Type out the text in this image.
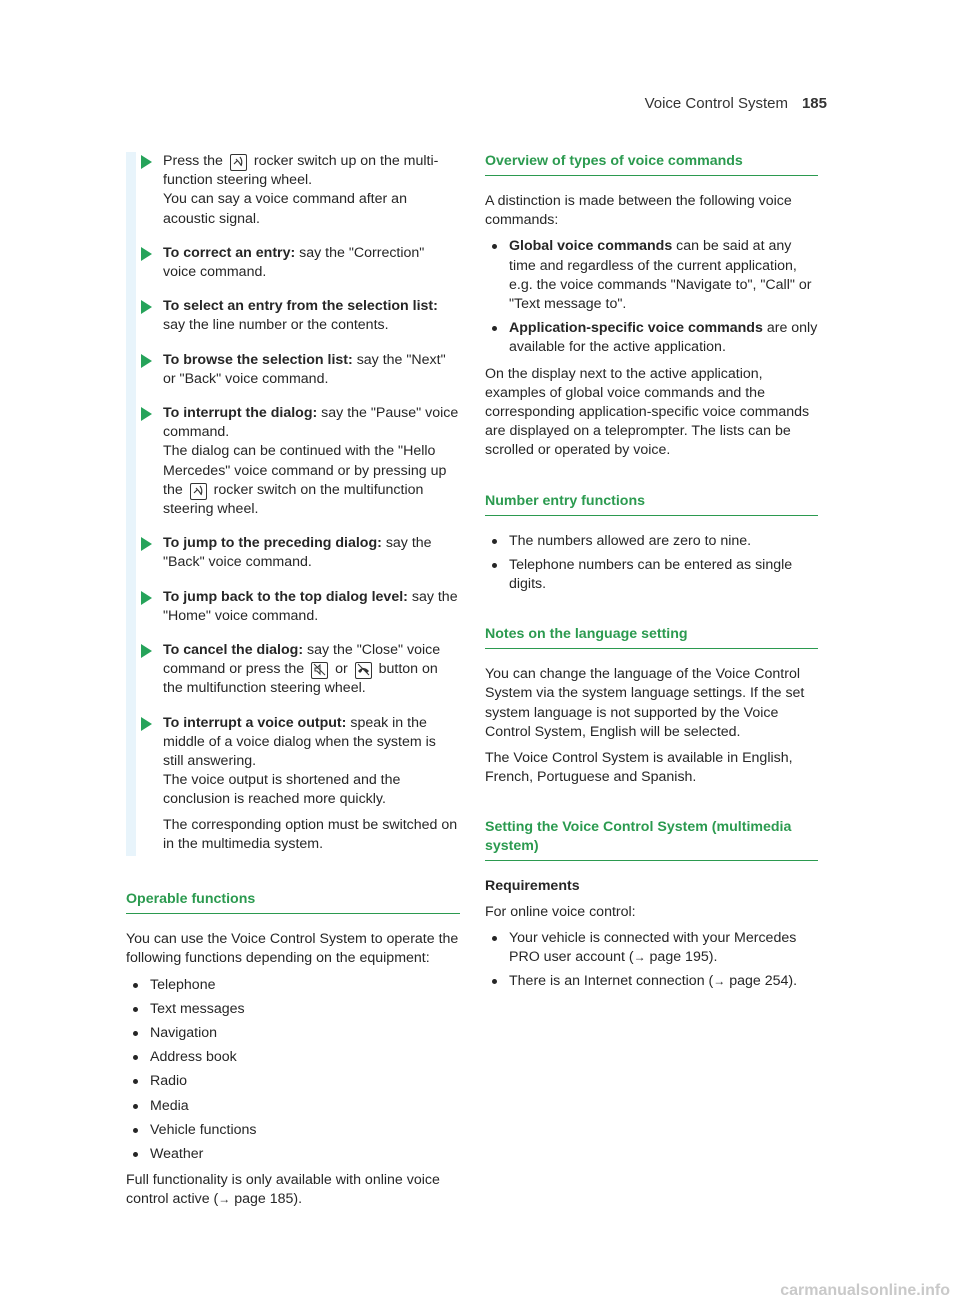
Voice Control System 185
Press the rocker switch up on the multi-function steering wheel.
You can say a voice command after an acoustic signal.
To correct an entry: say the "Correction" voice command.
To select an entry from the selection list: say the line number or the contents.
To browse the selection list: say the "Next" or "Back" voice command.
To interrupt the dialog: say the "Pause" voice command.
The dialog can be continued with the "Hello Mercedes" voice command or by pressing up the rocker switch on the multifunction steering wheel.
To jump to the preceding dialog: say the "Back" voice command.
To jump back to the top dialog level: say the "Home" voice command.
To cancel the dialog: say the "Close" voice command or press the or button on the multifunction steering wheel.
To interrupt a voice output: speak in the middle of a voice dialog when the system is still answering.
The voice output is shortened and the conclusion is reached more quickly.
The corresponding option must be switched on in the multimedia system.
Operable functions

You can use the Voice Control System to operate the following functions depending on the equipment:

Telephone
Text messages
Navigation
Address book
Radio
Media
Vehicle functions
Weather

Full functionality is only available with online voice control active (→ page 185).

Overview of types of voice commands

A distinction is made between the following voice commands:

Global voice commands can be said at any time and regardless of the current application, e.g. the voice commands "Navigate to", "Call" or "Text message to".
Application-specific voice commands are only available for the active application.

On the display next to the active application, examples of global voice commands and the corresponding application-specific voice commands are displayed on a teleprompter. The lists can be scrolled or operated by voice.

Number entry functions
The numbers allowed are zero to nine.
Telephone numbers can be entered as single digits.
Notes on the language setting

You can change the language of the Voice Control System via the system language settings. If the set system language is not supported by the Voice Control System, English will be selected.

The Voice Control System is available in English, French, Portuguese and Spanish.

Setting the Voice Control System (multimedia system)
Requirements

For online voice control:

Your vehicle is connected with your Mercedes PRO user account (→ page 195).
There is an Internet connection (→ page 254).
carmanualsonline.info
